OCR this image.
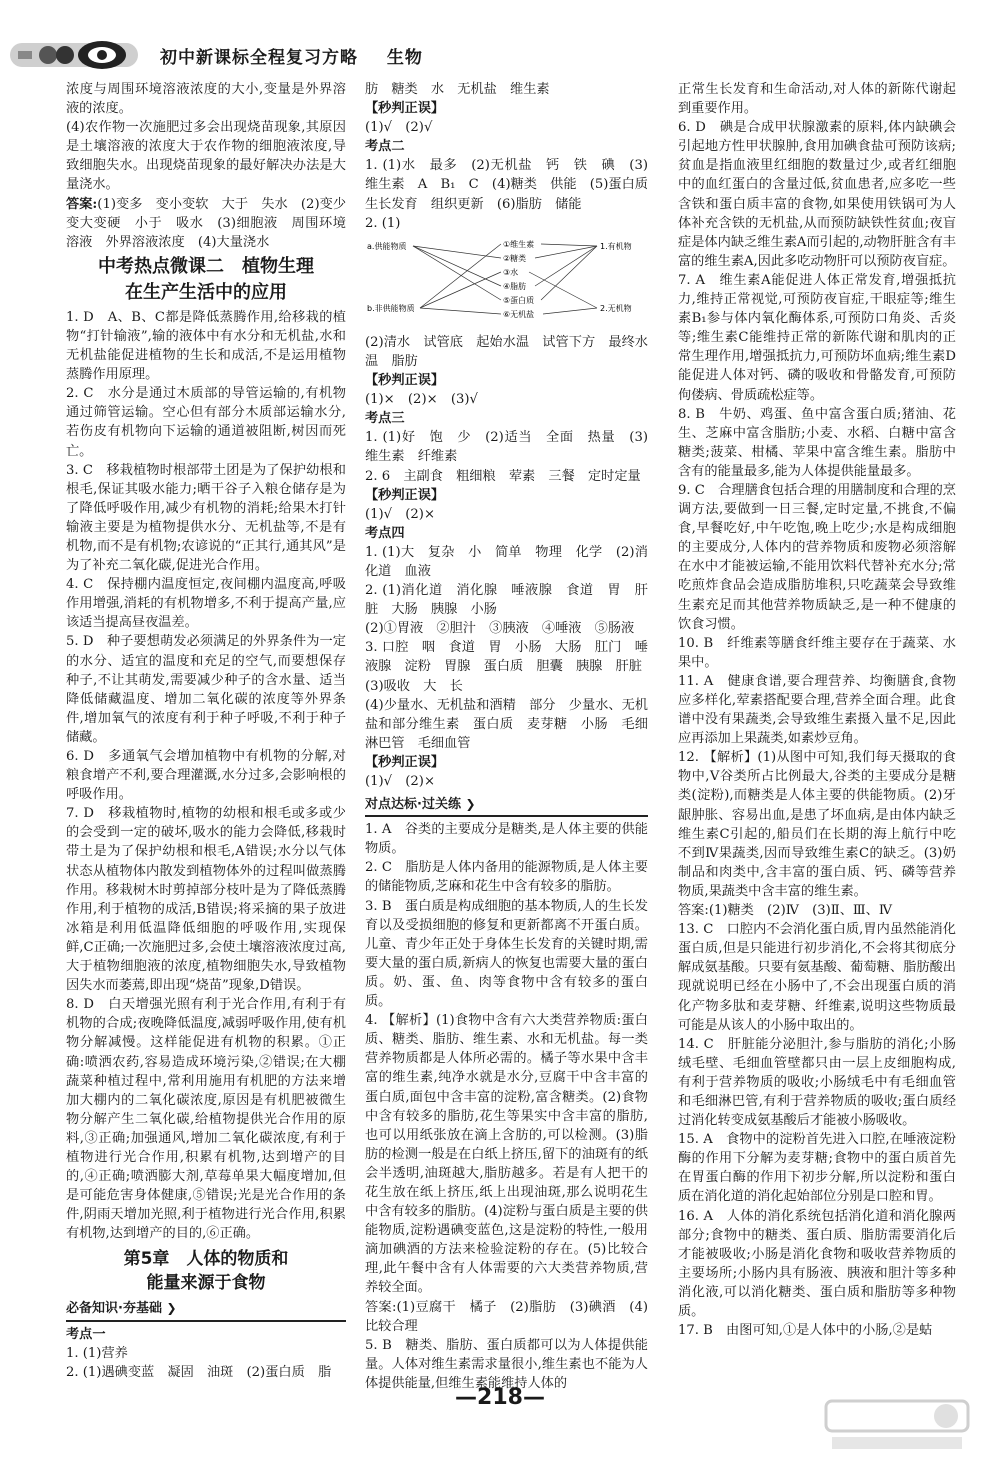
初中新课标全程复习方略 生物

浓度与周围环境溶液浓度的大小,变量是外界溶液的浓度。

(4)农作物一次施肥过多会出现烧苗现象,其原因是土壤溶液的浓度大于农作物的细胞液浓度,导致细胞失水。出现烧苗现象的最好解决办法是大量浇水。

答案:(1)变多　变小变软　大于　失水　(2)变少　变大变硬　小于　吸水　(3)细胞液　周围环境溶液　外界溶液浓度　(4)大量浇水

中考热点微课二　植物生理
在生产生活中的应用

1. D　A、B、C都是降低蒸腾作用,给移栽的植物“打针输液”,输的液体中有水分和无机盐,水和无机盐能促进植物的生长和成活,不是运用植物蒸腾作用原理。

2. C　水分是通过木质部的导管运输的,有机物通过筛管运输。空心但有部分木质部运输水分,若伤皮有机物向下运输的通道被阻断,树因而死亡。

3. C　移栽植物时根部带土团是为了保护幼根和根毛,保证其吸水能力;晒干谷子入粮仓储存是为了降低呼吸作用,减少有机物的消耗;给果木打针输液主要是为植物提供水分、无机盐等,不是有机物,而不是有机物;农谚说的“正其行,通其风”是为了补充二氧化碳,促进光合作用。

4. C　保持棚内温度恒定,夜间棚内温度高,呼吸作用增强,消耗的有机物增多,不利于提高产量,应该适当提高昼夜温差。

5. D　种子要想萌发必须满足的外界条件为一定的水分、适宜的温度和充足的空气,而要想保存种子,不让其萌发,需要减少种子的含水量、适当降低储藏温度、增加二氧化碳的浓度等外界条件,增加氧气的浓度有利于种子呼吸,不利于种子储藏。

6. D　多通氧气会增加植物中有机物的分解,对粮食增产不利,要合理灌溉,水分过多,会影响根的呼吸作用。

7. D　移栽植物时,植物的幼根和根毛或多或少的会受到一定的破坏,吸水的能力会降低,移栽时带土是为了保护幼根和根毛,A错误;水分以气体状态从植物体内散发到植物体外的过程叫做蒸腾作用。移栽树木时剪掉部分枝叶是为了降低蒸腾作用,利于植物的成活,B错误;将采摘的果子放进冰箱是利用低温降低细胞的呼吸作用,实现保鲜,C正确;一次施肥过多,会使土壤溶液浓度过高,大于植物细胞液的浓度,植物细胞失水,导致植物因失水而萎蔫,即出现“烧苗”现象,D错误。

8. D　白天增强光照有利于光合作用,有利于有机物的合成;夜晚降低温度,减弱呼吸作用,使有机物分解减慢。这样能促进有机物的积累。①正确:喷洒农药,容易造成环境污染,②错误;在大棚蔬菜种植过程中,常利用施用有机肥的方法来增加大棚内的二氧化碳浓度,原因是有机肥被微生物分解产生二氧化碳,给植物提供光合作用的原料,③正确;加强通风,增加二氧化碳浓度,有利于植物进行光合作用,积累有机物,达到增产的目的,④正确;喷洒膨大剂,草莓单果大幅度增加,但是可能危害身体健康,⑤错误;光是光合作用的条件,阴雨天增加光照,利于植物进行光合作用,积累有机物,达到增产的目的,⑥正确。

第5章　人体的物质和
能量来源于食物
必备知识·夯基础 ❯

考点一

1. (1)营养

2. (1)遇碘变蓝　凝固　油斑　(2)蛋白质　脂

肪　糖类　水　无机盐　维生素

【秒判正误】

(1)√　(2)√

考点二

1. (1)水　最多　(2)无机盐　钙　铁　碘　(3)维生素　A　B₁　C　(4)糖类　供能　(5)蛋白质　生长发育　组织更新　(6)脂肪　储能

2. (1)

a.供能物质
b.非供能物质
①维生素
②糖类
③水
④脂肪
⑤蛋白质
⑥无机盐
1.有机物
2.无机物

(2)清水　试管底　起始水温　试管下方　最终水温　脂肪

【秒判正误】

(1)×　(2)×　(3)√

考点三

1. (1)好　饱　少　(2)适当　全面　热量　(3)维生素　纤维素

2. 6　主副食　粗细粮　荤素　三餐　定时定量

【秒判正误】

(1)√　(2)×

考点四

1. (1)大　复杂　小　简单　物理　化学　(2)消化道　血液

2. (1)消化道　消化腺　唾液腺　食道　胃　肝脏　大肠　胰腺　小肠

(2)①胃液　②胆汁　③胰液　④唾液　⑤肠液

3. 口腔　咽　食道　胃　小肠　大肠　肛门　唾液腺　淀粉　胃腺　蛋白质　胆囊　胰腺　肝脏

(3)吸收　大　长

(4)少量水、无机盐和酒精　部分　少量水、无机盐和部分维生素　蛋白质　麦芽糖　小肠　毛细淋巴管　毛细血管

【秒判正误】

(1)√　(2)×

对点达标·过关练 ❯

1. A　谷类的主要成分是糖类,是人体主要的供能物质。

2. C　脂肪是人体内备用的能源物质,是人体主要的储能物质,芝麻和花生中含有较多的脂肪。

3. B　蛋白质是构成细胞的基本物质,人的生长发育以及受损细胞的修复和更新都离不开蛋白质。儿童、青少年正处于身体生长发育的关键时期,需要大量的蛋白质,新病人的恢复也需要大量的蛋白质。奶、蛋、鱼、肉等食物中含有较多的蛋白质。

4. 【解析】(1)食物中含有六大类营养物质:蛋白质、糖类、脂肪、维生素、水和无机盐。每一类营养物质都是人体所必需的。橘子等水果中含丰富的维生素,纯净水就是水分,豆腐干中含丰富的蛋白质,面包中含丰富的淀粉,富含糖类。(2)食物中含有较多的脂肪,花生等果实中含丰富的脂肪,也可以用纸张放在滴上含肪的,可以检测。(3)脂肪的检测一般是在白纸上挤压,留下的油斑有的纸会半透明,油斑越大,脂肪越多。若是有人把干的花生放在纸上挤压,纸上出现油斑,那么说明花生中含有较多的脂肪。(4)淀粉与蛋白质是主要的供能物质,淀粉遇碘变蓝色,这是淀粉的特性,一般用滴加碘酒的方法来检验淀粉的存在。(5)比较合理,此午餐中含有人体需要的六大类营养物质,营养较全面。

答案:(1)豆腐干　橘子　(2)脂肪　(3)碘酒　(4)比较合理

5. B　糖类、脂肪、蛋白质都可以为人体提供能量。人体对维生素需求量很小,维生素也不能为人体提供能量,但维生素能维持人体的

正常生长发育和生命活动,对人体的新陈代谢起到重要作用。

6. D　碘是合成甲状腺激素的原料,体内缺碘会引起地方性甲状腺肿,食用加碘食盐可预防该病;贫血是指血液里红细胞的数量过少,或者红细胞中的血红蛋白的含量过低,贫血患者,应多吃一些含铁和蛋白质丰富的食物,如果使用铁锅可为人体补充含铁的无机盐,从而预防缺铁性贫血;夜盲症是体内缺乏维生素A而引起的,动物肝脏含有丰富的维生素A,因此多吃动物肝可以预防夜盲症。

7. A　维生素A能促进人体正常发育,增强抵抗力,维持正常视觉,可预防夜盲症,干眼症等;维生素B₁参与体内氧化酶体系,可预防口角炎、舌炎等;维生素C能维持正常的新陈代谢和肌肉的正常生理作用,增强抵抗力,可预防坏血病;维生素D能促进人体对钙、磷的吸收和骨骼发育,可预防佝偻病、骨质疏松症等。

8. B　牛奶、鸡蛋、鱼中富含蛋白质;猪油、花生、芝麻中富含脂肪;小麦、水稻、白糖中富含糖类;菠菜、柑橘、苹果中富含维生素。脂肪中含有的能量最多,能为人体提供能量最多。

9. C　合理膳食包括合理的用膳制度和合理的烹调方法,要做到一日三餐,定时定量,不挑食,不偏食,早餐吃好,中午吃饱,晚上吃少;水是构成细胞的主要成分,人体内的营养物质和废物必须溶解在水中才能被运输,不能用饮料代替补充水分;常吃煎炸食品会造成脂肪堆积,只吃蔬菜会导致维生素充足而其他营养物质缺乏,是一种不健康的饮食习惯。

10. B　纤维素等膳食纤维主要存在于蔬菜、水果中。

11. A　健康食谱,要合理营养、均衡膳食,食物应多样化,荤素搭配要合理,营养全面合理。此食谱中没有果蔬类,会导致维生素摄入量不足,因此应再添加上果蔬类,如素炒豆角。

12. 【解析】(1)从图中可知,我们每天摄取的食物中,Ⅴ谷类所占比例最大,谷类的主要成分是糖类(淀粉),而糖类是人体主要的供能物质。(2)牙龈肿胀、容易出血,是患了坏血病,是由体内缺乏维生素C引起的,船员们在长期的海上航行中吃不到Ⅳ果蔬类,因而导致维生素C的缺乏。(3)奶制品和肉类中,含丰富的蛋白质、钙、磷等营养物质,果蔬类中含丰富的维生素。

答案:(1)糖类　(2)Ⅳ　(3)Ⅱ、Ⅲ、Ⅳ

13. C　口腔内不会消化蛋白质,胃内虽然能消化蛋白质,但是只能进行初步消化,不会将其彻底分解成氨基酸。只要有氨基酸、葡萄糖、脂肪酸出现就说明已经在小肠中了,不会出现蛋白质的消化产物多肽和麦芽糖、纤维素,说明这些物质最可能是从该人的小肠中取出的。

14. C　肝脏能分泌胆汁,参与脂肪的消化;小肠绒毛壁、毛细血管壁都只由一层上皮细胞构成,有利于营养物质的吸收;小肠绒毛中有毛细血管和毛细淋巴管,有利于营养物质的吸收;蛋白质经过消化转变成氨基酸后才能被小肠吸收。

15. A　食物中的淀粉首先进入口腔,在唾液淀粉酶的作用下分解为麦芽糖;食物中的蛋白质首先在胃蛋白酶的作用下初步分解,所以淀粉和蛋白质在消化道的消化起始部位分别是口腔和胃。

16. A　人体的消化系统包括消化道和消化腺两部分;食物中的糖类、蛋白质、脂肪需要消化后才能被吸收;小肠是消化食物和吸收营养物质的主要场所;小肠内具有肠液、胰液和胆汁等多种消化液,可以消化糖类、蛋白质和脂肪等多种物质。

17. B　由图可知,①是人体中的小肠,②是蛄

—218—
